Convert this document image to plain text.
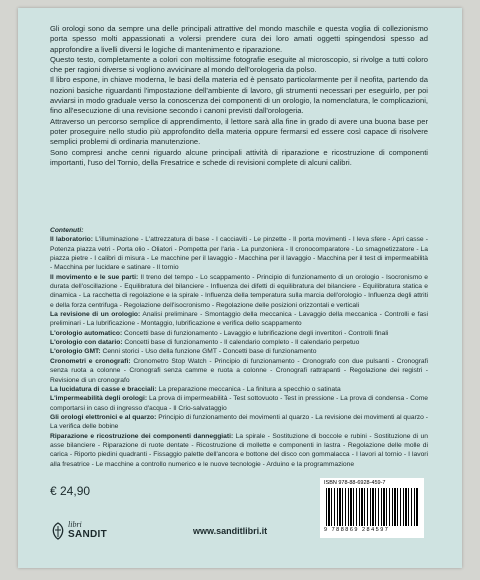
Gli orologi sono da sempre una delle principali attrattive del mondo maschile e questa voglia di collezionismo porta spesso molti appassionati a volersi prendere cura dei loro amati oggetti spingendosi spesso ad approfondire a livelli diversi le logiche di mantenimento e riparazione.

Questo testo, completamente a colori con moltissime fotografie eseguite al microscopio, si rivolge a tutti coloro che per ragioni diverse si vogliono avvicinare al mondo dell'orologeria da polso.

Il libro espone, in chiave moderna, le basi della materia ed è pensato particolarmente per il neofita, partendo da nozioni basiche riguardanti l'impostazione dell'ambiente di lavoro, gli strumenti necessari per eseguirlo, per poi avviarsi in modo graduale verso la conoscenza dei componenti di un orologio, la nomenclatura, le complicazioni, fino all'esecuzione di una revisione secondo i canoni previsti dall'orologeria.

Attraverso un percorso semplice di apprendimento, il lettore sarà alla fine in grado di avere una buona base per poter proseguire nello studio più approfondito della materia oppure fermarsi ed essere così capace di risolvere semplici problemi di ordinaria manutenzione.

Sono compresi anche cenni riguardo alcune principali attività di riparazione e ricostruzione di componenti importanti, l'uso del Tornio, della Fresatrice e schede di revisioni complete di alcuni calibri.

Contenuti:

Il laboratorio: L'illuminazione - L'attrezzatura di base - I cacciaviti - Le pinzette - Il porta movimenti - I leva sfere - Apri casse - Potenza piazza vetri - Porta olio - Oliatori - Pompetta per l'aria - La punzoniera - Il cronocomparatore - Lo smagnetizzatore - La piazza pietre - I calibri di misura - Le macchine per il lavaggio - Macchina per il lavaggio - Macchina per il test di impermeabilità - Macchina per lucidare e satinare - Il tornio

Il movimento e le sue parti: Il treno del tempo - Lo scappamento - Principio di funzionamento di un orologio - Isocronismo e durata dell'oscillazione - Equilibratura del bilanciere - Influenza dei difetti di equilibratura del bilanciere - Equilibratura statica e dinamica - La racchetta di regolazione e la spirale - Influenza della temperatura sulla marcia dell'orologio - Influenza degli attriti e della forza centrifuga - Regolazione dell'isocronismo - Regolazione delle posizioni orizzontali e verticali

La revisione di un orologio: Analisi preliminare - Smontaggio della meccanica - Lavaggio della meccanica - Controlli e fasi preliminari - La lubrificazione - Montaggio, lubrificazione e verifica dello scappamento

L'orologio automatico: Concetti base di funzionamento - Lavaggio e lubrificazione degli invertitori - Controlli finali

L'orologio con datario: Concetti base di funzionamento - Il calendario completo - Il calendario perpetuo

L'orologio GMT: Cenni storici - Uso della funzione GMT - Concetti base di funzionamento

Cronometri e cronografi: Cronometro Stop Watch - Principio di funzionamento - Cronografo con due pulsanti - Cronografi senza ruota a colonne - Cronografi senza camme e ruota a colonne - Cronografi rattrapanti - Regolazione dei registri - Revisione di un cronografo

La lucidatura di casse e bracciali: La preparazione meccanica - La finitura a specchio o satinata

L'impermeabilità degli orologi: La prova di impermeabilità - Test sottovuoto - Test in pressione - La prova di condensa - Come comportarsi in caso di ingresso d'acqua - Il Crio-salvataggio

Gli orologi elettronici e al quarzo: Principio di funzionamento dei movimenti al quarzo - La revisione dei movimenti al quarzo - La verifica delle bobine

Riparazione e ricostruzione dei componenti danneggiati: La spirale - Sostituzione di boccole e rubini - Sostituzione di un asse bilanciere - Riparazione di ruote dentate - Ricostruzione di mollette e componenti in lastra - Regolazione delle molle di carica - Riporto piedini quadranti - Fissaggio palette dell'ancora e bottone del disco con gommalacca - I lavori al tornio - I lavori alla fresatrice - Le macchine a controllo numerico e le nuove tecnologie - Arduino e la programmazione

€ 24,90
ISBN 978-88-6928-459-7
9 788869 284597
libri
SANDIT	www.sanditlibri.it
